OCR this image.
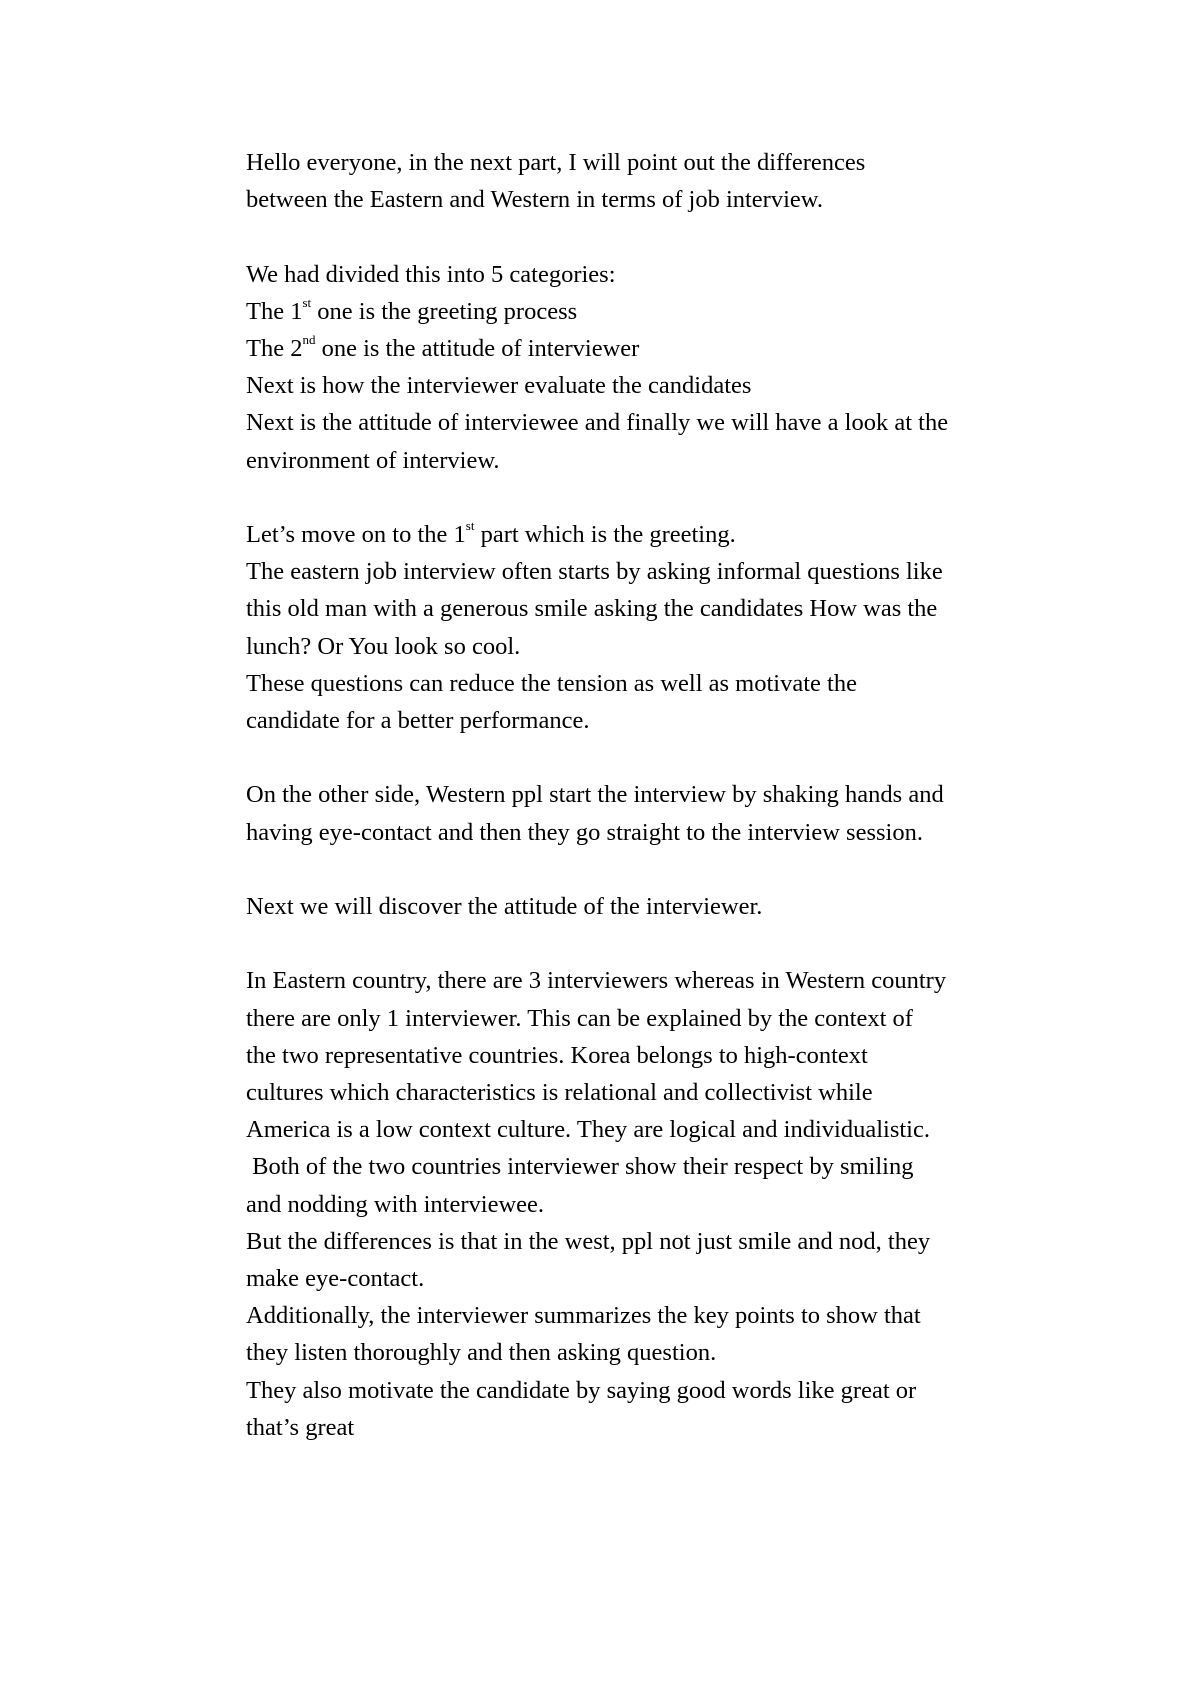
Hello everyone, in the next part, I will point out the differences
between the Eastern and Western in terms of job interview.

We had divided this into 5 categories:
The 1st one is the greeting process
The 2nd one is the attitude of interviewer
Next is how the interviewer evaluate the candidates
Next is the attitude of interviewee and finally we will have a look at the
environment of interview.

Let’s move on to the 1st part which is the greeting.
The eastern job interview often starts by asking informal questions like
this old man with a generous smile asking the candidates How was the
lunch? Or You look so cool.
These questions can reduce the tension as well as motivate the
candidate for a better performance.

On the other side, Western ppl start the interview by shaking hands and
having eye-contact and then they go straight to the interview session.

Next we will discover the attitude of the interviewer.

In Eastern country, there are 3 interviewers whereas in Western country
there are only 1 interviewer. This can be explained by the context of
the two representative countries. Korea belongs to high-context
cultures which characteristics is relational and collectivist while
America is a low context culture. They are logical and individualistic.
Both of the two countries interviewer show their respect by smiling
and nodding with interviewee.
But the differences is that in the west, ppl not just smile and nod, they
make eye-contact.
Additionally, the interviewer summarizes the key points to show that
they listen thoroughly and then asking question.
They also motivate the candidate by saying good words like great or
that’s great
